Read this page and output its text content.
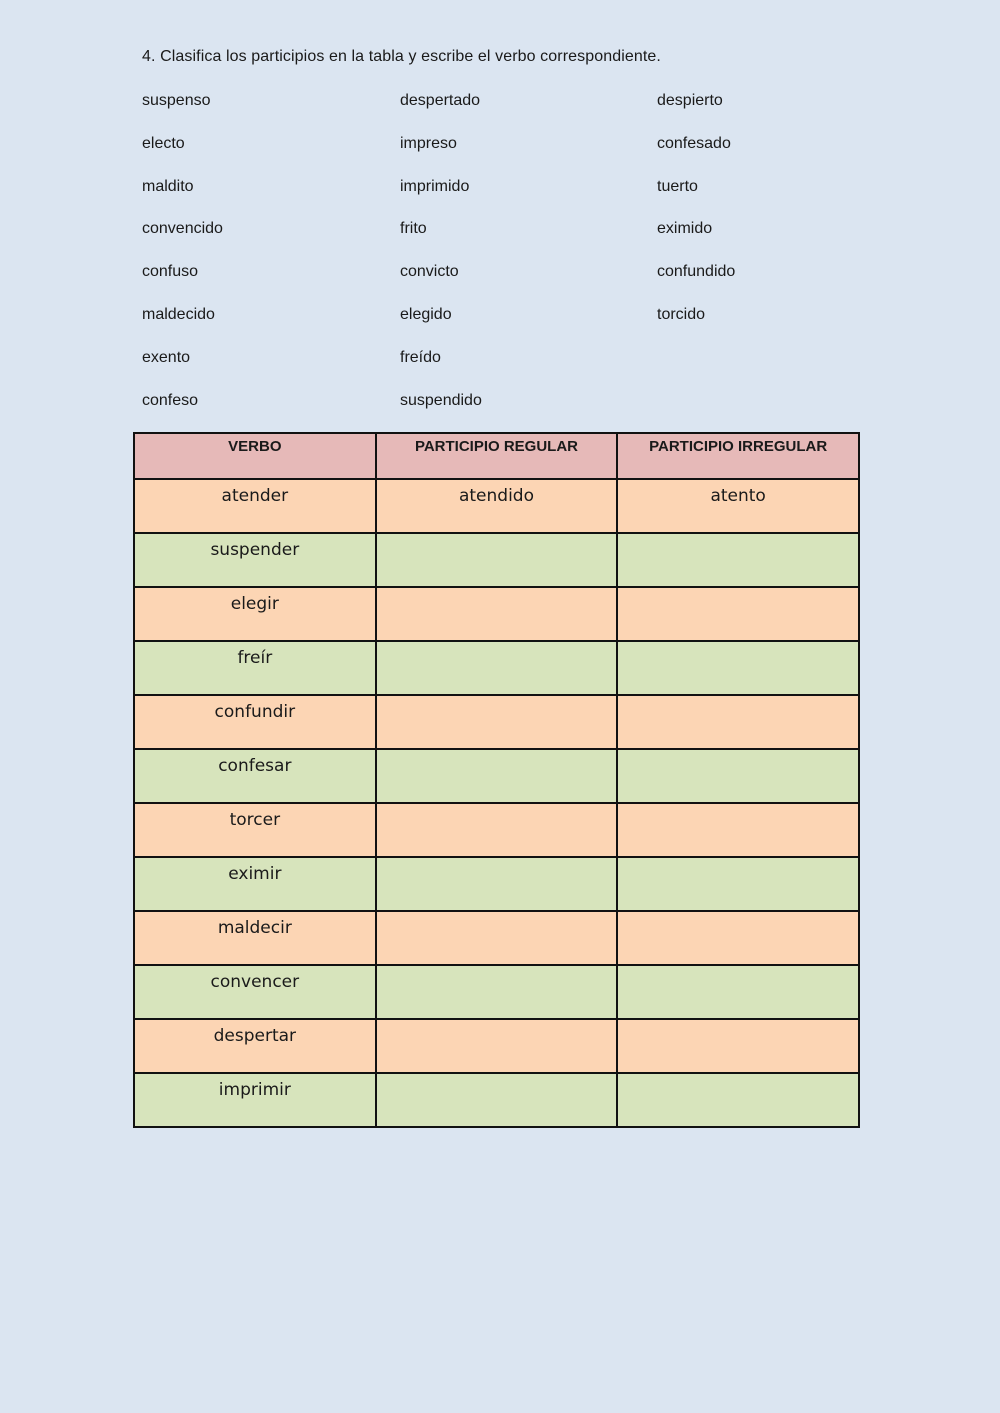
4. Clasifica los participios en la tabla y escribe el verbo correspondiente.
suspenso
electo
maldito
convencido
confuso
maldecido
exento
confeso
despertado
impreso
imprimido
frito
convicto
elegido
freído
suspendido
despierto
confesado
tuerto
eximido
confundido
torcido
VERBO	PARTICIPIO REGULAR	PARTICIPIO IRREGULAR
atender	atendido	atento
suspender		
elegir		
freír		
confundir		
confesar		
torcer		
eximir		
maldecir		
convencer		
despertar		
imprimir		
